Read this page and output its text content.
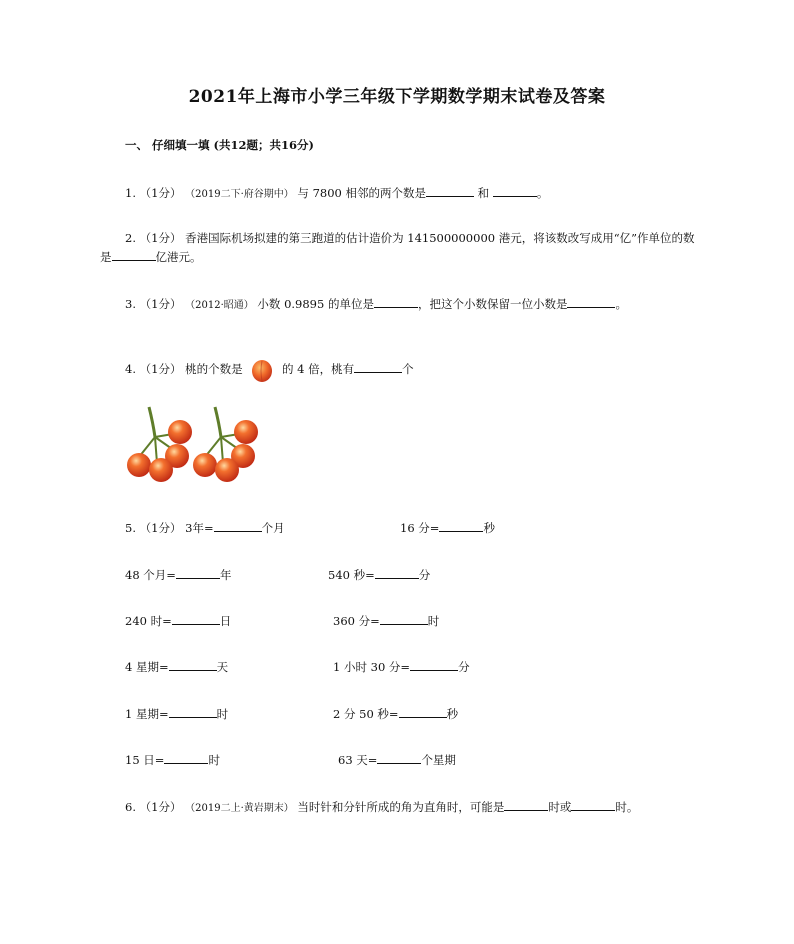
2021年上海市小学三年级下学期数学期末试卷及答案
一、 仔细填一填 (共12题；共16分)
1. （1分） （2019二下·府谷期中） 与 7800 相邻的两个数是	和	。
2. （1分） 香港国际机场拟建的第三跑道的估计造价为 141500000000 港元，将该数改写成用“亿”作单位的数
是	亿港元。
3. （1分） （2012·昭通） 小数 0.9895 的单位是	，把这个小数保留一位小数是	。
4. （1分） 桃的个数是	的 4 倍，桃有	个
5. （1分） 3年=	个月	16 分=	秒
48 个月=	年	540 秒=	分
240 时=	日	360 分=	时
4 星期=	天	1 小时 30 分=	分
1 星期=	时	2 分 50 秒=	秒
15 日=	时	63 天=	个星期
6. （1分） （2019二上·黄岩期末） 当时针和分针所成的角为直角时，可能是	时或	时。
